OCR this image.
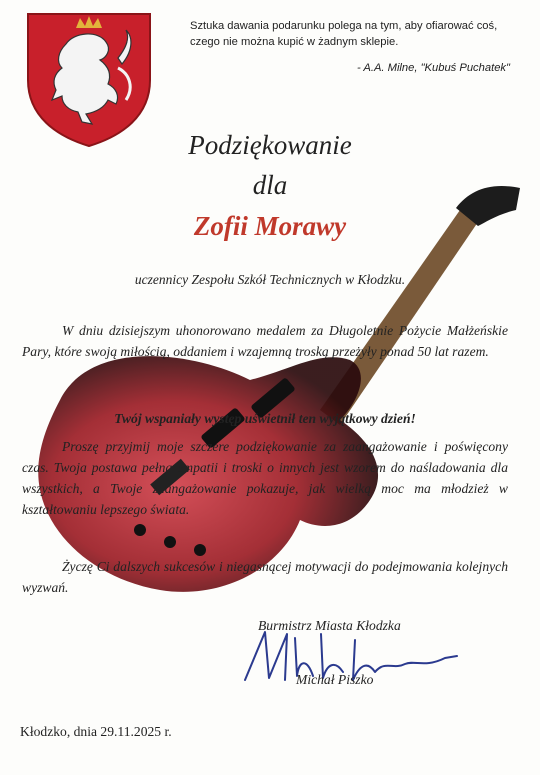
Sztuka dawania podarunku polega na tym, aby ofiarować coś, czego nie można kupić w żadnym sklepie.
- A.A. Milne, "Kubuś Puchatek"
Podziękowanie
dla
Zofii Morawy
uczennicy Zespołu Szkół Technicznych w Kłodzku.
W dniu dzisiejszym uhonorowano medalem za Długoletnie Pożycie Małżeńskie Pary, które swoją miłością, oddaniem i wzajemną troską przeżyły ponad 50 lat razem.
Twój wspaniały występ uświetnił ten wyjątkowy dzień!
Proszę przyjmij moje szczere podziękowanie za zaangażowanie i poświęcony czas. Twoja postawa pełna empatii i troski o innych jest wzorem do naśladowania dla wszystkich, a Twoje zaangażowanie pokazuje, jak wielką moc ma młodzież w kształtowaniu lepszego świata.
Życzę Ci dalszych sukcesów i niegasnącej motywacji do podejmowania kolejnych wyzwań.
Burmistrz Miasta Kłodzka
Michał Piszko
Kłodzko, dnia 29.11.2025 r.
